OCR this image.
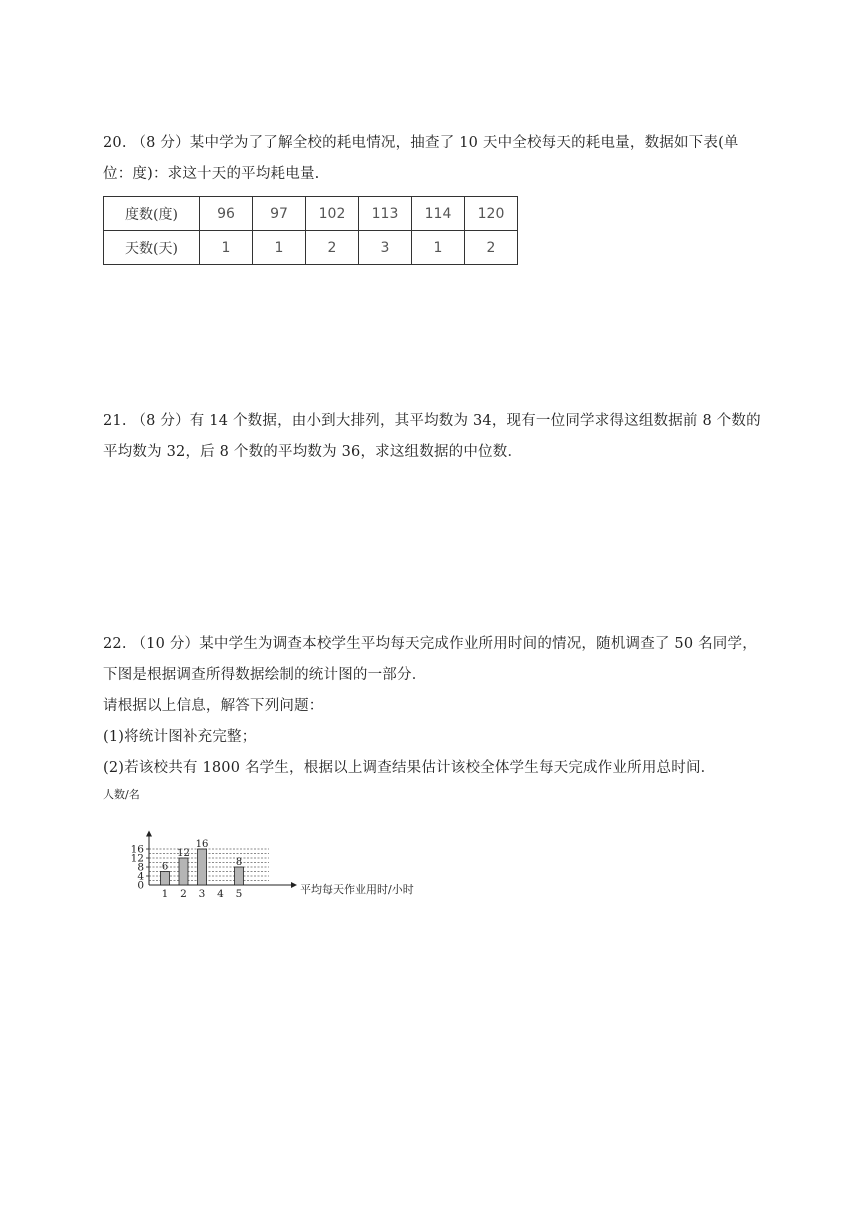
20. （8 分）某中学为了了解全校的耗电情况，抽查了 10 天中全校每天的耗电量，数据如下表(单
位：度)：求这十天的平均耗电量.
度数(度)	96	97	102	113	114	120
天数(天)	1	1	2	3	1	2
21. （8 分）有 14 个数据，由小到大排列，其平均数为 34，现有一位同学求得这组数据前 8 个数的
平均数为 32，后 8 个数的平均数为 36，求这组数据的中位数．
22. （10 分）某中学生为调查本校学生平均每天完成作业所用时间的情况，随机调查了 50 名同学，
下图是根据调查所得数据绘制的统计图的一部分．
请根据以上信息，解答下列问题：
(1)将统计图补充完整；
(2)若该校共有 1800 名学生，根据以上调查结果估计该校全体学生每天完成作业所用总时间．
0
4
8
12
16
1
6
2
12
3
16
4 5
8
人数/名
平均每天作业用时/小时
